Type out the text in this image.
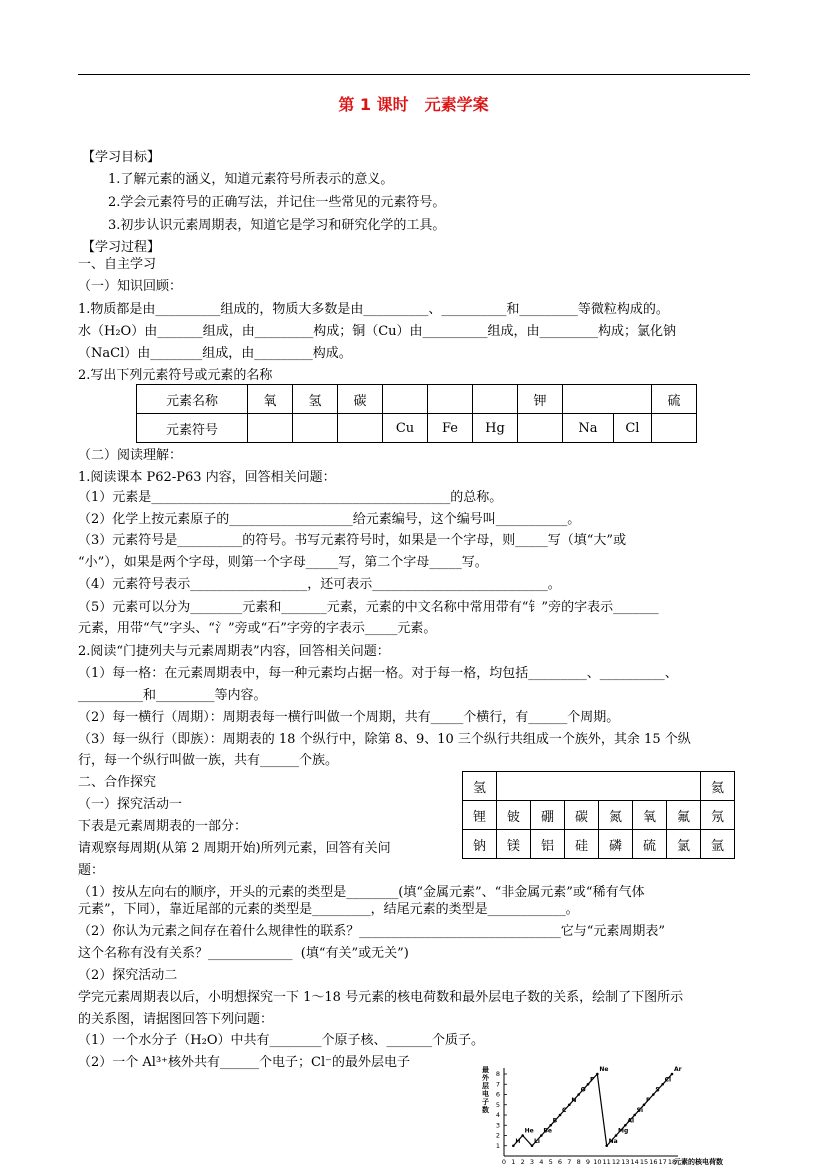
第 1 课时　元素学案
【学习目标】
1.了解元素的涵义，知道元素符号所表示的意义。
2.学会元素符号的正确写法，并记住一些常见的元素符号。
3.初步认识元素周期表，知道它是学习和研究化学的工具。
【学习过程】
一、自主学习
（一）知识回顾：
1.物质都是由__________组成的，物质大多数是由__________、__________和_________等微粒构成的。
水（H₂O）由_______组成，由_________构成；铜（Cu）由__________组成，由_________构成；氯化钠
（NaCl）由________组成，由_________构成。
2.写出下列元素符号或元素的名称
元素名称	氧	氢	碳				钾			硫
元素符号				Cu	Fe	Hg		Na	Cl	
（二）阅读理解：
1.阅读课本 P62-P63 内容，回答相关问题：
（1）元素是______________________________________________的总称。
（2）化学上按元素原子的___________________给元素编号，这个编号叫___________。
（3）元素符号是__________的符号。书写元素符号时，如果是一个字母，则_____写（填“大”或
“小”），如果是两个字母，则第一个字母_____写，第二个字母_____写。
（4）元素符号表示__________________，还可表示___________________________。
（5）元素可以分为________元素和_______元素，元素的中文名称中常用带有“钅”旁的字表示_______
元素，用带“气”字头、“氵”旁或“石”字旁的字表示_____元素。
2.阅读“门捷列夫与元素周期表”内容，回答相关问题：
（1）每一格：在元素周期表中，每一种元素均占据一格。对于每一格，均包括_________、__________、
__________和_________等内容。
（2）每一横行（周期）：周期表每一横行叫做一个周期，共有_____个横行，有______个周期。
（3）每一纵行（即族）：周期表的 18 个纵行中，除第 8、9、10 三个纵行共组成一个族外，其余 15 个纵
行，每一个纵行叫做一族，共有______个族。
二、合作探究
（一）探究活动一
下表是元素周期表的一部分：
请观察每周期(从第 2 周期开始)所列元素，回答有关问
题：
氢							氦
锂	铍	硼	碳	氮	氧	氟	氖
钠	镁	铝	硅	磷	硫	氯	氩
（1）按从左向右的顺序，开头的元素的类型是________(填“金属元素”、“非金属元素”或“稀有气体
元素”，下同），靠近尾部的元素的类型是_________，结尾元素的类型是____________。
（2）你认为元素之间存在着什么规律性的联系？_______________________________它与“元素周期表”
这个名称有没有关系？_____________  (填“有关”或无关”)
（2）探究活动二
学完元素周期表以后，小明想探究一下 1～18 号元素的核电荷数和最外层电子数的关系，绘制了下图所示
的关系图，请据图回答下列问题：
（1）一个水分子（H₂O）中共有________个原子核、_______个质子。
（2）一个 Al³⁺核外共有______个电子；Cl⁻的最外层电子	最外层电子数
元素的核电荷数
0 1 2 3 4 5 6 7 8 9 10 11 12 13 14 15 16 17 18
1
2
3
4
5
6
7
8
H
He
Li
Be
B
C
N
O
F
Ne
Na
Mg
Al
Si
P
S
Cl
Ar
